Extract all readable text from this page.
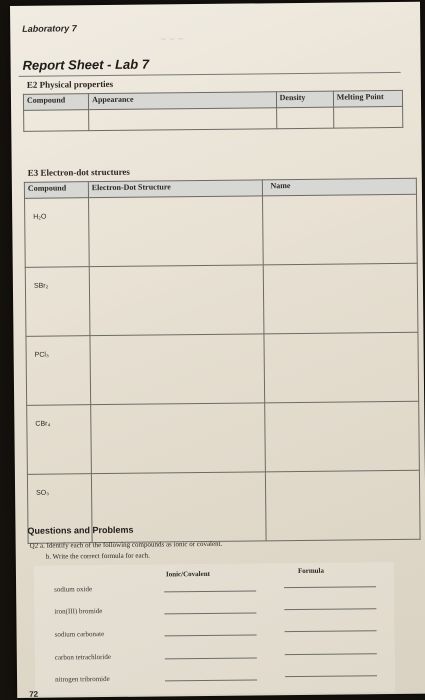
~ ~ ~
Laboratory 7
Report Sheet - Lab 7
E2 Physical properties
Compound	Appearance	Density	Melting Point

E3 Electron-dot structures
Compound	Electron-Dot Structure	Name
H₂O		
SBr₂		
PCl₃		
CBr₄		
SO₃		
Questions and Problems
Q2 a. Identify each of the following compounds as ionic or covalent.
b. Write the correct formula for each.
Ionic/Covalent	Formula
sodium oxide
iron(III) bromide
sodium carbonate
carbon tetrachloride
nitrogen tribromide
72
